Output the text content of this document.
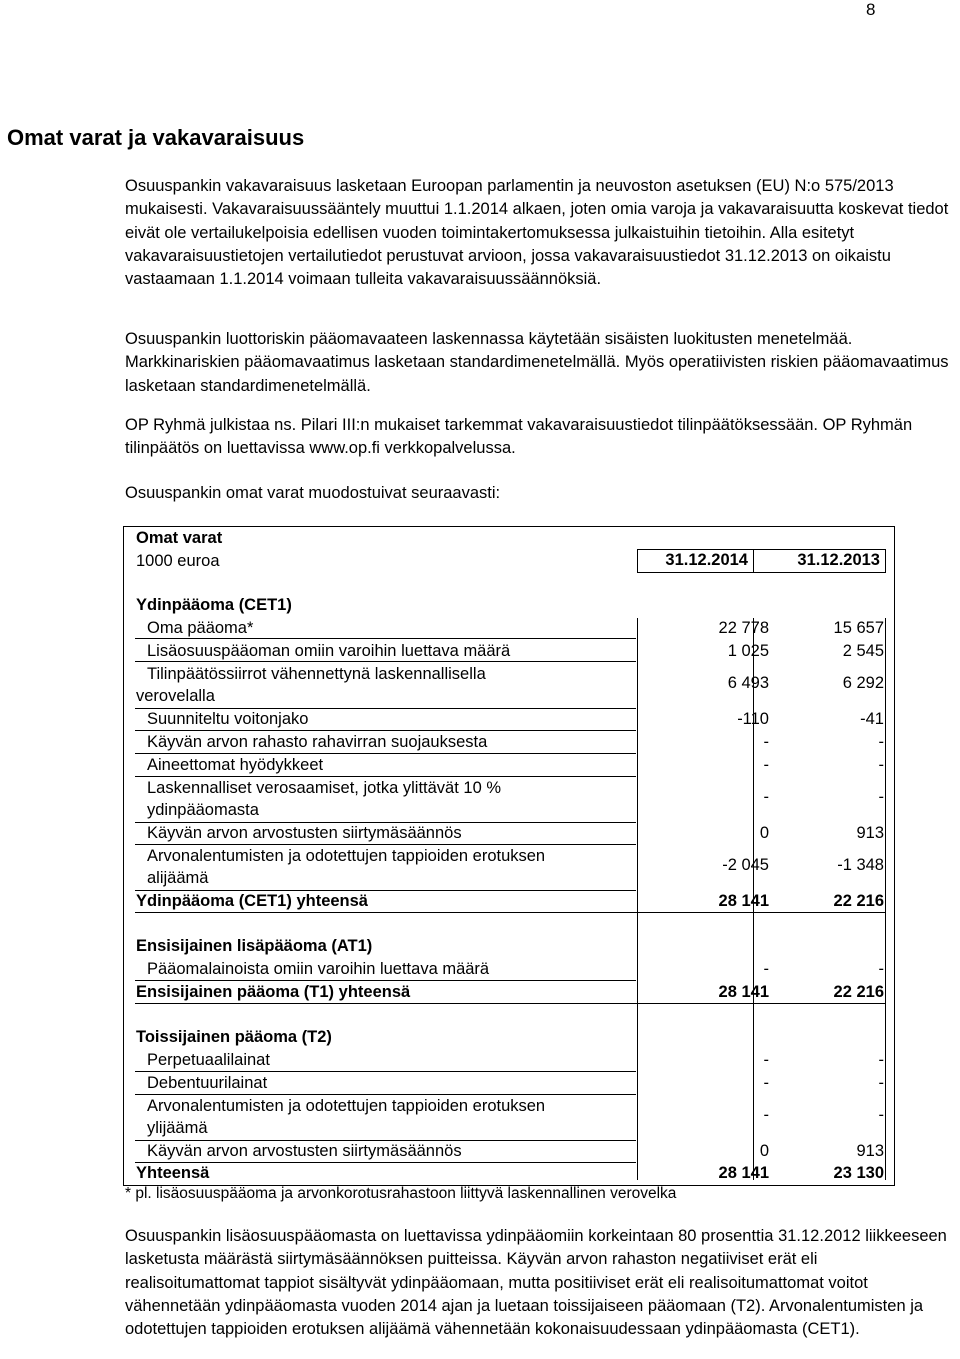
8
Omat varat ja vakavaraisuus

Osuuspankin vakavaraisuus lasketaan Euroopan parlamentin ja neuvoston asetuksen (EU) N:o 575/2013 mukaisesti. Vakavaraisuussääntely muuttui 1.1.2014 alkaen, joten omia varoja ja vakavaraisuutta koskevat tiedot eivät ole vertailukelpoisia edellisen vuoden toimintakertomuksessa julkaistuihin tietoihin. Alla esitetyt vakavaraisuustietojen vertailutiedot perustuvat arvioon, jossa vakavaraisuustiedot 31.12.2013 on oikaistu vastaamaan 1.1.2014 voimaan tulleita vakavaraisuussäännöksiä.

Osuuspankin luottoriskin pääomavaateen laskennassa käytetään sisäisten luokitusten menetelmää. Markkinariskien pääomavaatimus lasketaan standardimenetelmällä. Myös operatiivisten riskien pääomavaatimus lasketaan standardimenetelmällä.

OP Ryhmä julkistaa ns. Pilari III:n mukaiset tarkemmat vakavaraisuustiedot tilinpäätöksessään. OP Ryhmän tilinpäätös on luettavissa www.op.fi verkkopalvelussa.

Osuuspankin omat varat muodostuivat seuraavasti:

Omat varat
1000 euroa	31.12.2014	31.12.2013
Ydinpääoma (CET1)
Oma pääoma*	22 778	15 657
Lisäosuuspääoman omiin varoihin luettava määrä	1 025	2 545
Tilinpäätössiirrot vähennettynä laskennallisella
verovelalla
6 493	6 292
Suunniteltu voitonjako	-110	-41
Käyvän arvon rahasto rahavirran suojauksesta	-	-
Aineettomat hyödykkeet	-	-
Laskennalliset verosaamiset, jotka ylittävät 10 %
ydinpääomasta
-	-
Käyvän arvon arvostusten siirtymäsäännös	0	913
Arvonalentumisten ja odotettujen tappioiden erotuksen
alijäämä
-2 045	-1 348
Ydinpääoma (CET1) yhteensä	28 141	22 216
Ensisijainen lisäpääoma (AT1)
Pääomalainoista omiin varoihin luettava määrä	-	-
Ensisijainen pääoma (T1) yhteensä	28 141	22 216
Toissijainen pääoma (T2)
Perpetuaalilainat	-	-
Debentuurilainat	-	-
Arvonalentumisten ja odotettujen tappioiden erotuksen
ylijäämä
-	-
Käyvän arvon arvostusten siirtymäsäännös	0	913
Yhteensä	28 141	23 130
* pl. lisäosuuspääoma ja arvonkorotusrahastoon liittyvä laskennallinen verovelka

Osuuspankin lisäosuuspääomasta on luettavissa ydinpääomiin korkeintaan 80 prosenttia 31.12.2012 liikkeeseen lasketusta määrästä siirtymäsäännöksen puitteissa. Käyvän arvon rahaston negatiiviset erät eli realisoitumattomat tappiot sisältyvät ydinpääomaan, mutta positiiviset erät eli realisoitumattomat voitot vähennetään ydinpääomasta vuoden 2014 ajan ja luetaan toissijaiseen pääomaan (T2). Arvonalentumisten ja odotettujen tappioiden erotuksen alijäämä vähennetään kokonaisuudessaan ydinpääomasta (CET1).
